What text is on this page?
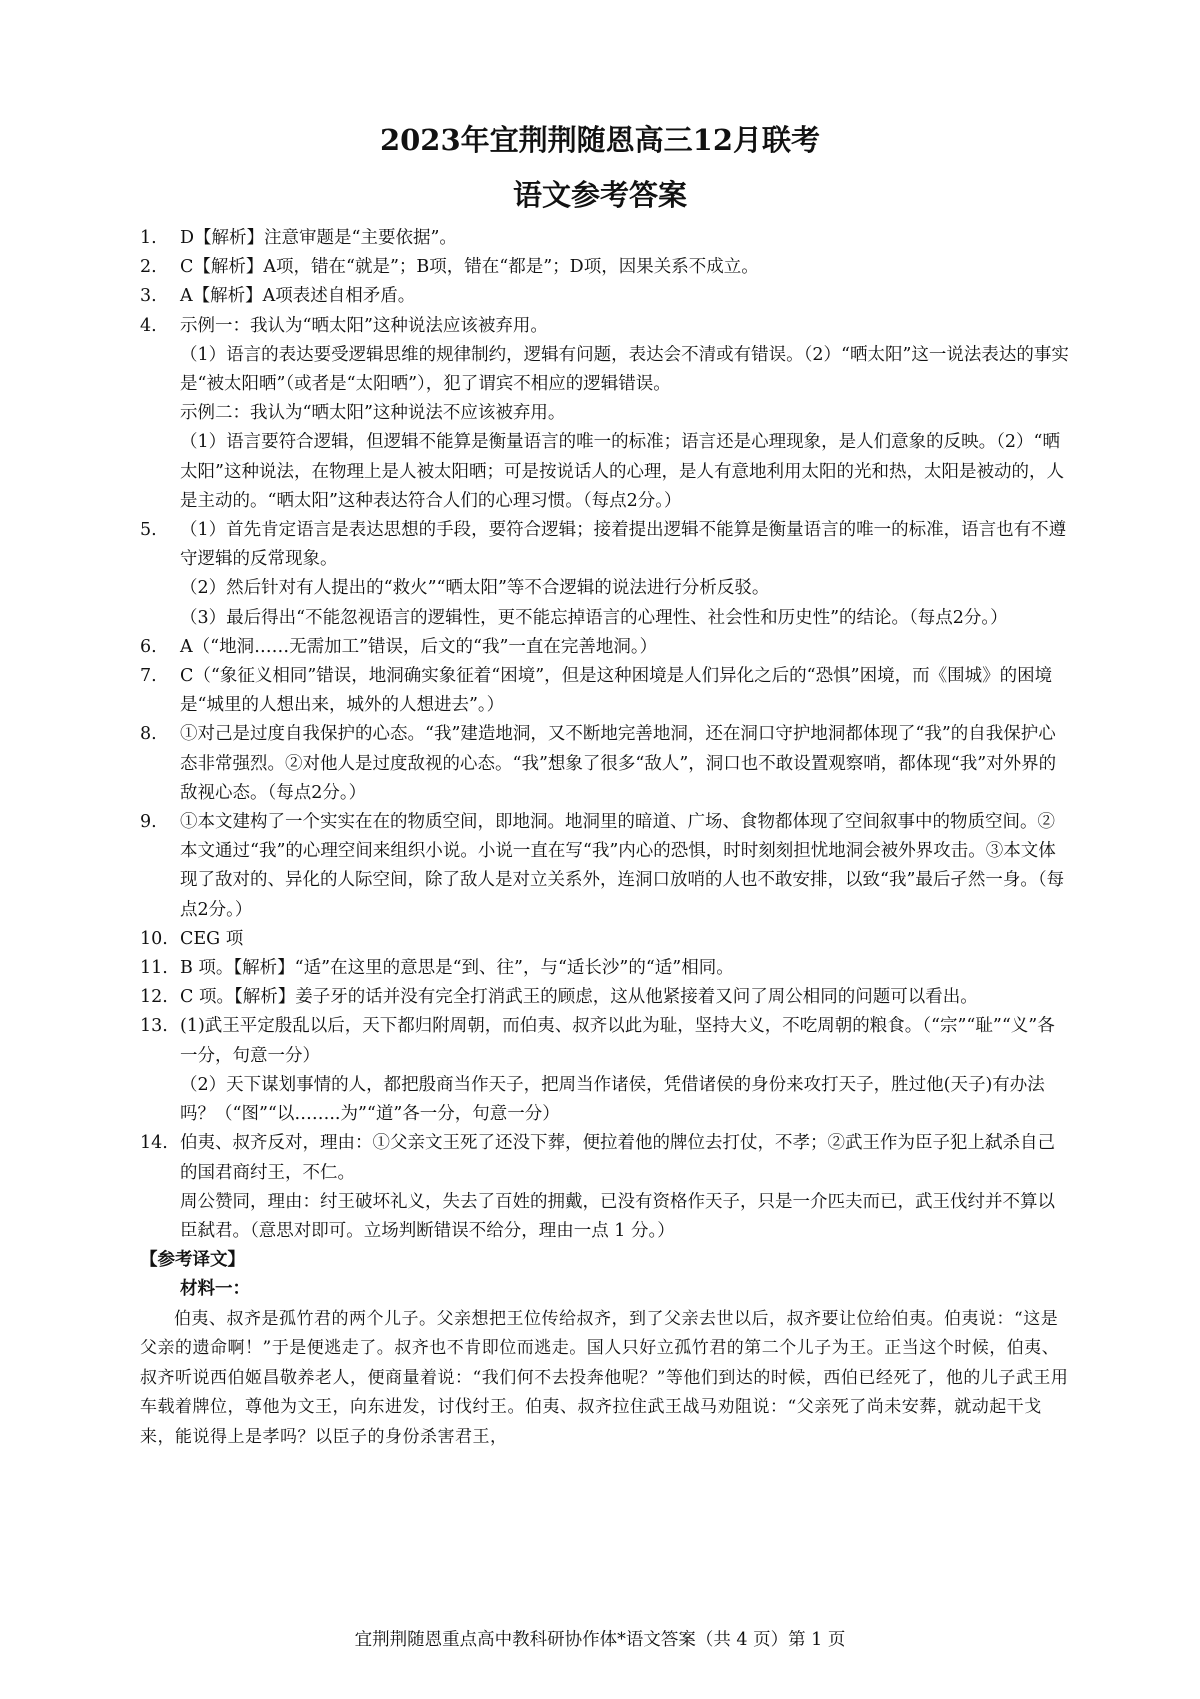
2023年宜荆荆随恩高三12月联考
语文参考答案
1.	D【解析】注意审题是“主要依据”。

2.	C【解析】A项，错在“就是”；B项，错在“都是”；D项，因果关系不成立。

3.	A【解析】A项表述自相矛盾。

4.	示例一：我认为“晒太阳”这种说法应该被弃用。

（1）语言的表达要受逻辑思维的规律制约，逻辑有问题，表达会不清或有错误。（2）“晒太阳”这一说法表达的事实是“被太阳晒”（或者是“太阳晒”），犯了谓宾不相应的逻辑错误。

示例二：我认为“晒太阳”这种说法不应该被弃用。

（1）语言要符合逻辑，但逻辑不能算是衡量语言的唯一的标准；语言还是心理现象，是人们意象的反映。（2）“晒太阳”这种说法，在物理上是人被太阳晒；可是按说话人的心理，是人有意地利用太阳的光和热，太阳是被动的，人是主动的。“晒太阳”这种表达符合人们的心理习惯。（每点2分。）

5.	（1）首先肯定语言是表达思想的手段，要符合逻辑；接着提出逻辑不能算是衡量语言的唯一的标准，语言也有不遵守逻辑的反常现象。

（2）然后针对有人提出的“救火”“晒太阳”等不合逻辑的说法进行分析反驳。

（3）最后得出“不能忽视语言的逻辑性，更不能忘掉语言的心理性、社会性和历史性”的结论。（每点2分。）

6.	A（“地洞……无需加工”错误，后文的“我”一直在完善地洞。）

7.	C（“象征义相同”错误，地洞确实象征着“困境”，但是这种困境是人们异化之后的“恐惧”困境，而《围城》的困境是“城里的人想出来，城外的人想进去”。）

8.	①对己是过度自我保护的心态。“我”建造地洞，又不断地完善地洞，还在洞口守护地洞都体现了“我”的自我保护心态非常强烈。②对他人是过度敌视的心态。“我”想象了很多“敌人”，洞口也不敢设置观察哨，都体现“我”对外界的敌视心态。（每点2分。）

9.	①本文建构了一个实实在在的物质空间，即地洞。地洞里的暗道、广场、食物都体现了空间叙事中的物质空间。②本文通过“我”的心理空间来组织小说。小说一直在写“我”内心的恐惧，时时刻刻担忧地洞会被外界攻击。③本文体现了敌对的、异化的人际空间，除了敌人是对立关系外，连洞口放哨的人也不敢安排，以致“我”最后孑然一身。（每点2分。）

10. CEG 项

11. B 项。【解析】“适”在这里的意思是“到、往”，与“适长沙”的“适”相同。

12. C 项。【解析】姜子牙的话并没有完全打消武王的顾虑，这从他紧接着又问了周公相同的问题可以看出。

13. (1)武王平定殷乱以后，天下都归附周朝，而伯夷、叔齐以此为耻，坚持大义，不吃周朝的粮食。（“宗”“耻”“义”各一分，句意一分）

（2）天下谋划事情的人，都把殷商当作天子，把周当作诸侯，凭借诸侯的身份来攻打天子，胜过他(天子)有办法吗？（“图”“以……..为”“道”各一分，句意一分）

14. 伯夷、叔齐反对，理由：①父亲文王死了还没下葬，便拉着他的牌位去打仗，不孝；②武王作为臣子犯上弑杀自己的国君商纣王，不仁。

周公赞同，理由：纣王破坏礼义，失去了百姓的拥戴，已没有资格作天子，只是一介匹夫而已，武王伐纣并不算以臣弑君。（意思对即可。立场判断错误不给分，理由一点 1 分。）

【参考译文】

材料一：

伯夷、叔齐是孤竹君的两个儿子。父亲想把王位传给叔齐，到了父亲去世以后，叔齐要让位给伯夷。伯夷说：“这是父亲的遗命啊！”于是便逃走了。叔齐也不肯即位而逃走。国人只好立孤竹君的第二个儿子为王。正当这个时候，伯夷、叔齐听说西伯姬昌敬养老人，便商量着说：“我们何不去投奔他呢？”等他们到达的时候，西伯已经死了，他的儿子武王用车载着牌位，尊他为文王，向东进发，讨伐纣王。伯夷、叔齐拉住武王战马劝阻说：“父亲死了尚未安葬，就动起干戈来，能说得上是孝吗？以臣子的身份杀害君王，

宜荆荆随恩重点高中教科研协作体*语文答案（共 4 页）第 1 页
